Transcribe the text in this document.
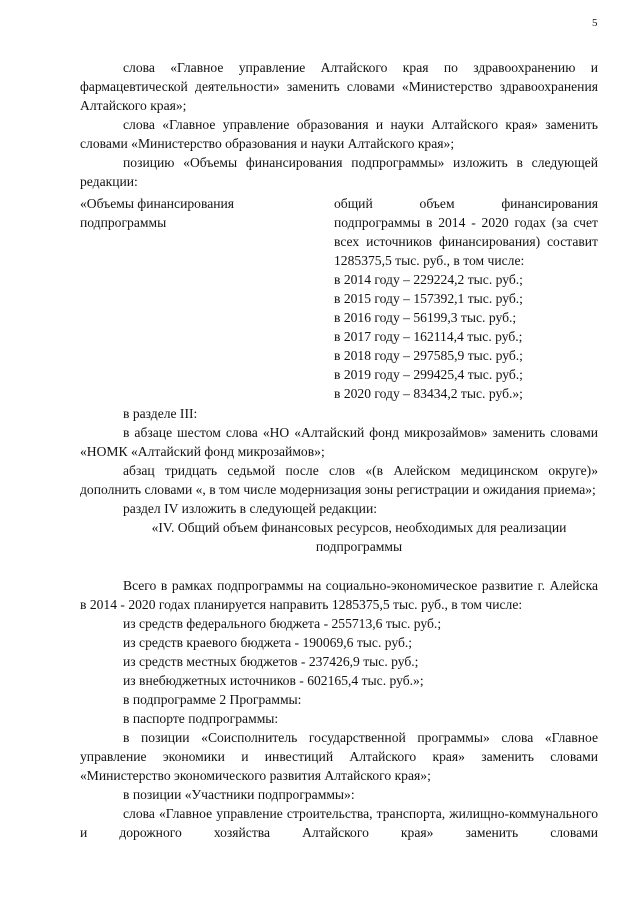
5

слова «Главное управление Алтайского края по здравоохранению и фармацевтической деятельности» заменить словами «Министерство здравоохранения Алтайского края»;

слова «Главное управление образования и науки Алтайского края» заменить словами «Министерство образования и науки Алтайского края»;

позицию «Объемы финансирования подпрограммы» изложить в следующей редакции:

«Объемы финансирования подпрограммы
общий объем финансирования подпрограммы в 2014 - 2020 годах (за счет всех источников финансирования) составит 1285375,5 тыс. руб., в том числе:
в 2014 году – 229224,2 тыс. руб.;
в 2015 году – 157392,1 тыс. руб.;
в 2016 году – 56199,3 тыс. руб.;
в 2017 году – 162114,4 тыс. руб.;
в 2018 году – 297585,9 тыс. руб.;
в 2019 году – 299425,4 тыс. руб.;
в 2020 году – 83434,2 тыс. руб.»;

в разделе III:

в абзаце шестом слова «НО «Алтайский фонд микрозаймов» заменить словами «НОМК «Алтайский фонд микрозаймов»;

абзац тридцать седьмой после слов «(в Алейском медицинском округе)» дополнить словами «, в том числе модернизация зоны регистрации и ожидания приема»;

раздел IV изложить в следующей редакции:

«IV. Общий объем финансовых ресурсов, необходимых для реализации подпрограммы

Всего в рамках подпрограммы на социально-экономическое развитие г. Алейска в 2014 - 2020 годах планируется направить 1285375,5 тыс. руб., в том числе:

из средств федерального бюджета - 255713,6 тыс. руб.;

из средств краевого бюджета - 190069,6 тыс. руб.;

из средств местных бюджетов - 237426,9 тыс. руб.;

из внебюджетных источников - 602165,4 тыс. руб.»;

в подпрограмме 2 Программы:

в паспорте подпрограммы:

в позиции «Соисполнитель государственной программы» слова «Главное управление экономики и инвестиций Алтайского края» заменить словами «Министерство экономического развития Алтайского края»;

в позиции «Участники подпрограммы»:

слова «Главное управление строительства, транспорта, жилищно-коммунального и дорожного хозяйства Алтайского края» заменить словами
